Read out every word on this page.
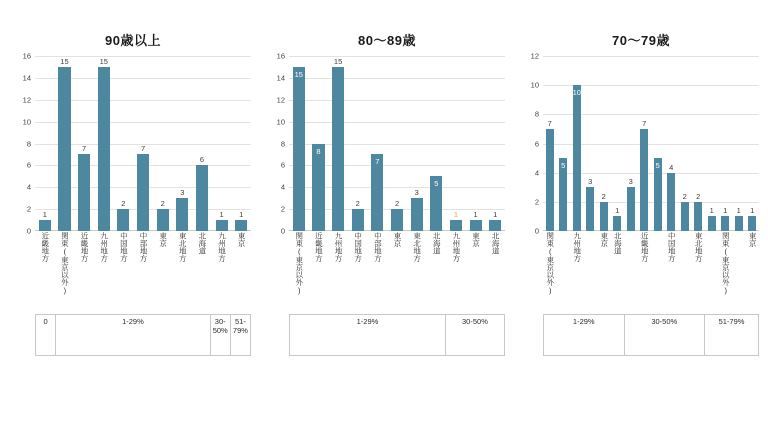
90歳以上
16
14
12
10
8
6
4
2
0
1
15
7
15
2
7
2
3
6
1	1
近畿地方 関東(東京以外) 近畿地方 九州地方 中国地方 中部地方 東京 東北地方 北海道 九州地方 東京
0	1-29%	30-
50%
51-
79%
80〜89歳
16
14
12
10
8
6
4
2
0
15
8
15
2
7
2
3
5
1	1	1
関東(東京以外) 近畿地方 九州地方 中国地方 中部地方 東京 東北地方 北海道 九州地方 東京 北海道
1-29%	30-50%
70〜79歳
12
10
8
6
4
2
0
7
5
10
3
2
1
3
7
5	4
2	2
1	1	1	1
関東(東京以外) 九州地方 東京 北海道 近畿地方 中国地方 東北地方 関東(東京以外) 東京
1-29%	30-50%	51-79%
